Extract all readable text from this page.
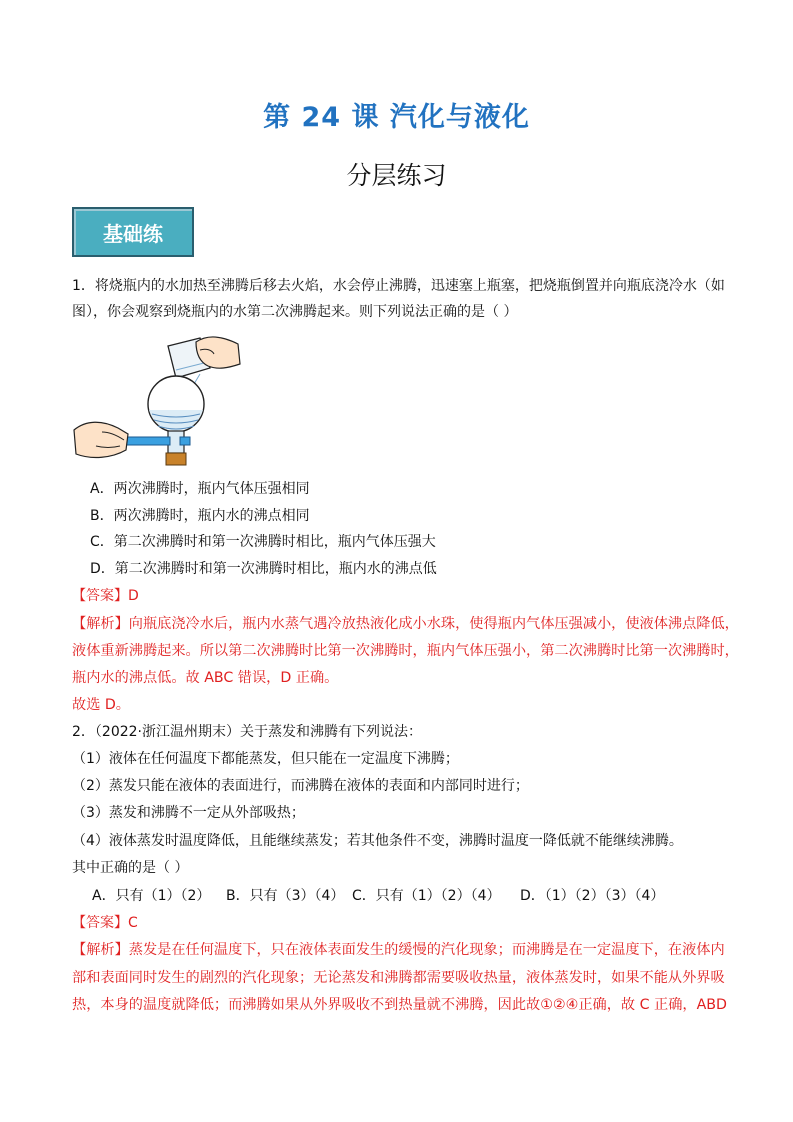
第 24 课 汽化与液化
分层练习
基础练
1．将烧瓶内的水加热至沸腾后移去火焰，水会停止沸腾，迅速塞上瓶塞，把烧瓶倒置并向瓶底浇冷水（如
图），你会观察到烧瓶内的水第二次沸腾起来。则下列说法正确的是（ ）
A．两次沸腾时，瓶内气体压强相同
B．两次沸腾时，瓶内水的沸点相同
C．第二次沸腾时和第一次沸腾时相比，瓶内气体压强大
D．第二次沸腾时和第一次沸腾时相比，瓶内水的沸点低
【答案】D
【解析】向瓶底浇冷水后，瓶内水蒸气遇冷放热液化成小水珠，使得瓶内气体压强减小，使液体沸点降低，
液体重新沸腾起来。所以第二次沸腾时比第一次沸腾时，瓶内气体压强小，第二次沸腾时比第一次沸腾时，
瓶内水的沸点低。故 ABC 错误，D 正确。
故选 D。
2．（2022·浙江温州期末）关于蒸发和沸腾有下列说法：
（1）液体在任何温度下都能蒸发，但只能在一定温度下沸腾；
（2）蒸发只能在液体的表面进行，而沸腾在液体的表面和内部同时进行；
（3）蒸发和沸腾不一定从外部吸热；
（4）液体蒸发时温度降低，且能继续蒸发；若其他条件不变，沸腾时温度一降低就不能继续沸腾。
其中正确的是（ ）
A．只有（1）（2） B．只有（3）（4） C．只有（1）（2）（4） D．（1）（2）（3）（4）
【答案】C
【解析】蒸发是在任何温度下，只在液体表面发生的缓慢的汽化现象；而沸腾是在一定温度下，在液体内
部和表面同时发生的剧烈的汽化现象；无论蒸发和沸腾都需要吸收热量，液体蒸发时，如果不能从外界吸
热，本身的温度就降低；而沸腾如果从外界吸收不到热量就不沸腾，因此故①②④正确，故 C 正确，ABD
